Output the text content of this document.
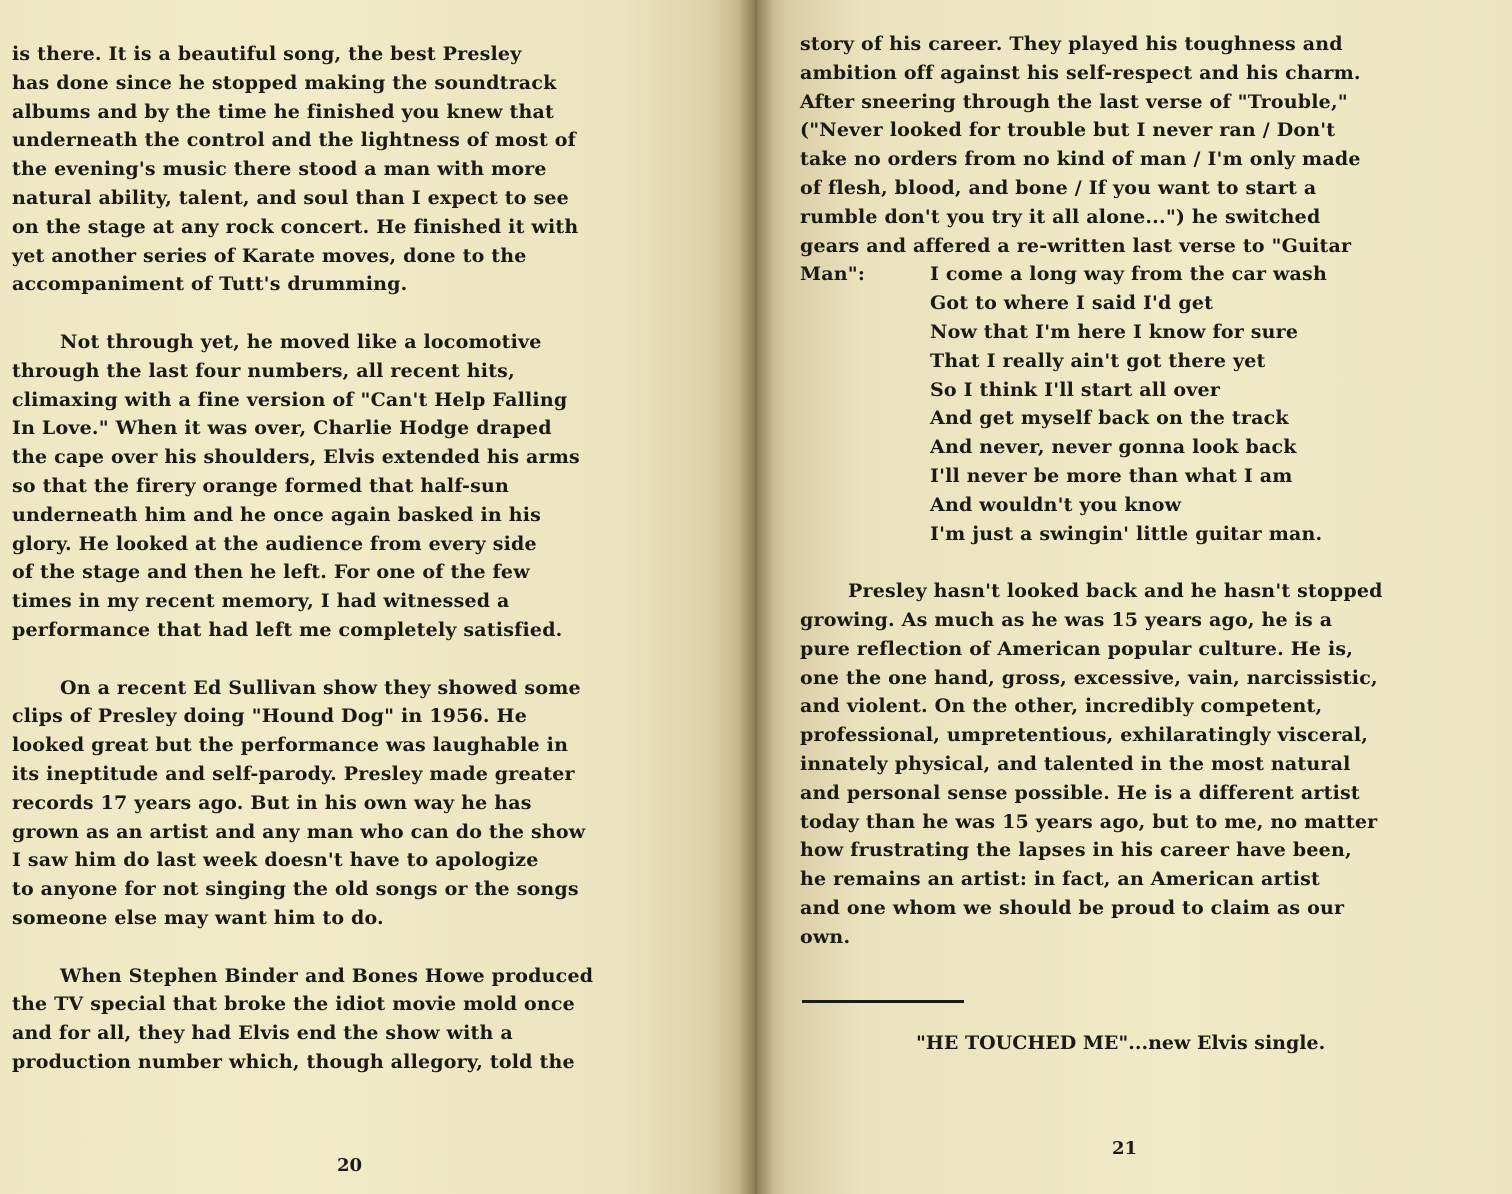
is there. It is a beautiful song, the best Presley
has done since he stopped making the soundtrack
albums and by the time he finished you knew that
underneath the control and the lightness of most of
the evening's music there stood a man with more
natural ability, talent, and soul than I expect to see
on the stage at any rock concert. He finished it with
yet another series of Karate moves, done to the
accompaniment of Tutt's drumming.
Not through yet, he moved like a locomotive
through the last four numbers, all recent hits,
climaxing with a fine version of "Can't Help Falling
In Love." When it was over, Charlie Hodge draped
the cape over his shoulders, Elvis extended his arms
so that the firery orange formed that half-sun
underneath him and he once again basked in his
glory. He looked at the audience from every side
of the stage and then he left. For one of the few
times in my recent memory, I had witnessed a
performance that had left me completely satisfied.
On a recent Ed Sullivan show they showed some
clips of Presley doing "Hound Dog" in 1956. He
looked great but the performance was laughable in
its ineptitude and self-parody. Presley made greater
records 17 years ago. But in his own way he has
grown as an artist and any man who can do the show
I saw him do last week doesn't have to apologize
to anyone for not singing the old songs or the songs
someone else may want him to do.
When Stephen Binder and Bones Howe produced
the TV special that broke the idiot movie mold once
and for all, they had Elvis end the show with a
production number which, though allegory, told the
20
story of his career. They played his toughness and
ambition off against his self-respect and his charm.
After sneering through the last verse of "Trouble,"
("Never looked for trouble but I never ran / Don't
take no orders from no kind of man / I'm only made
of flesh, blood, and bone / If you want to start a
rumble don't you try it all alone...") he switched
gears and affered a re-written last verse to "Guitar
Man":	I come a long way from the car wash
Got to where I said I'd get
Now that I'm here I know for sure
That I really ain't got there yet
So I think I'll start all over
And get myself back on the track
And never, never gonna look back
I'll never be more than what I am
And wouldn't you know
I'm just a swingin' little guitar man.
Presley hasn't looked back and he hasn't stopped
growing. As much as he was 15 years ago, he is a
pure reflection of American popular culture. He is,
one the one hand, gross, excessive, vain, narcissistic,
and violent. On the other, incredibly competent,
professional, umpretentious, exhilaratingly visceral,
innately physical, and talented in the most natural
and personal sense possible. He is a different artist
today than he was 15 years ago, but to me, no matter
how frustrating the lapses in his career have been,
he remains an artist: in fact, an American artist
and one whom we should be proud to claim as our
own.
"HE TOUCHED ME"...new Elvis single.
21
